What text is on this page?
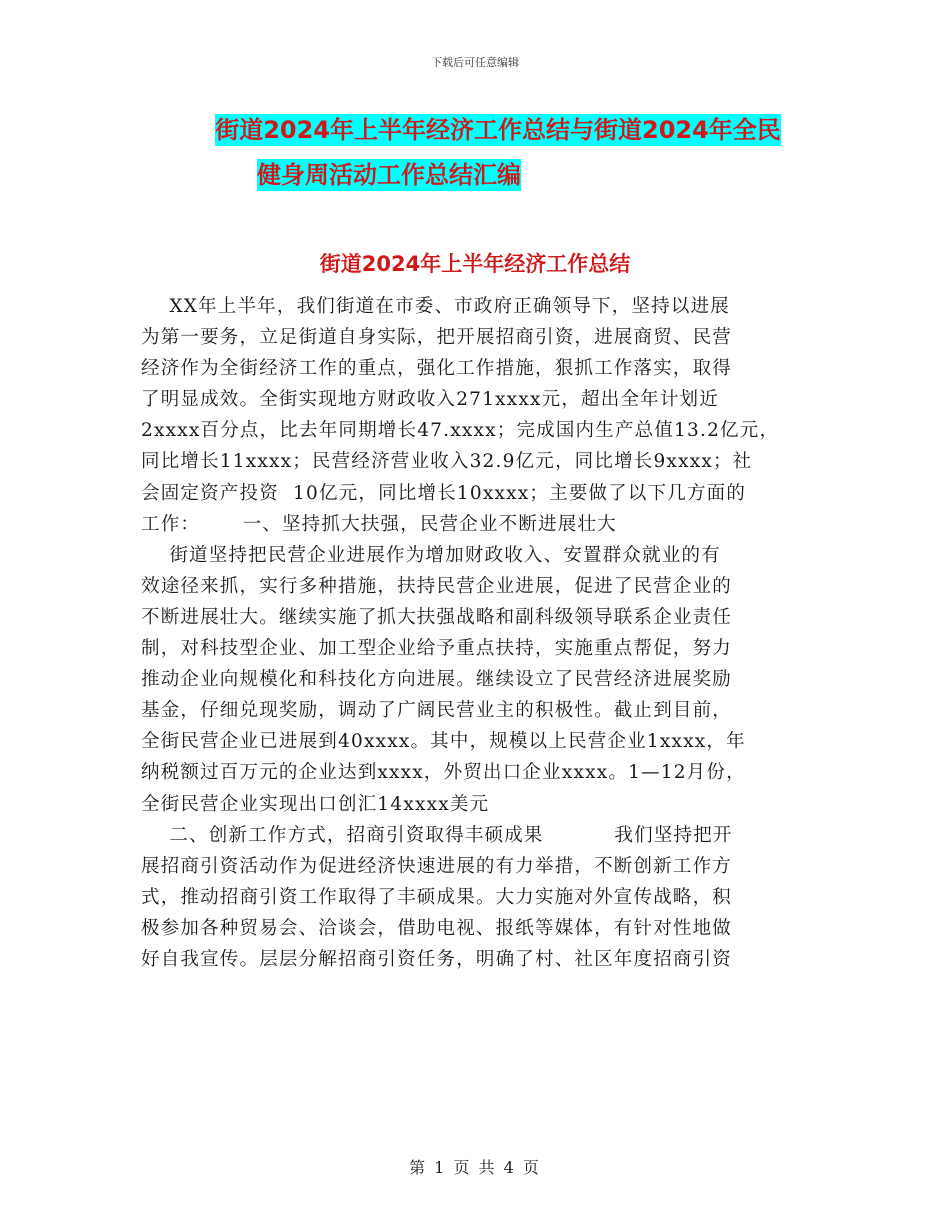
下载后可任意编辑
街道2024年上半年经济工作总结与街道2024年全民
健身周活动工作总结汇编
街道2024年上半年经济工作总结
XX年上半年，我们街道在市委、市政府正确领导下，坚持以进展
为第一要务，立足街道自身实际，把开展招商引资，进展商贸、民营
经济作为全街经济工作的重点，强化工作措施，狠抓工作落实，取得
了明显成效。全街实现地方财政收入271xxxx元，超出全年计划近
2xxxx百分点，比去年同期增长47.xxxx；完成国内生产总值13.2亿元，
同比增长11xxxx；民营经济营业收入32.9亿元，同比增长9xxxx；社
会固定资产投资  10亿元，同比增长10xxxx；主要做了以下几方面的
工作：      一、坚持抓大扶强，民营企业不断进展壮大
街道坚持把民营企业进展作为增加财政收入、安置群众就业的有
效途径来抓，实行多种措施，扶持民营企业进展，促进了民营企业的
不断进展壮大。继续实施了抓大扶强战略和副科级领导联系企业责任
制，对科技型企业、加工型企业给予重点扶持，实施重点帮促，努力
推动企业向规模化和科技化方向进展。继续设立了民营经济进展奖励
基金，仔细兑现奖励，调动了广阔民营业主的积极性。截止到目前，
全街民营企业已进展到40xxxx。其中，规模以上民营企业1xxxx，年
纳税额过百万元的企业达到xxxx，外贸出口企业xxxx。1—12月份，
全街民营企业实现出口创汇14xxxx美元
二、创新工作方式，招商引资取得丰硕成果          我们坚持把开
展招商引资活动作为促进经济快速进展的有力举措，不断创新工作方
式，推动招商引资工作取得了丰硕成果。大力实施对外宣传战略，积
极参加各种贸易会、洽谈会，借助电视、报纸等媒体，有针对性地做
好自我宣传。层层分解招商引资任务，明确了村、社区年度招商引资
第 1 页 共 4 页
